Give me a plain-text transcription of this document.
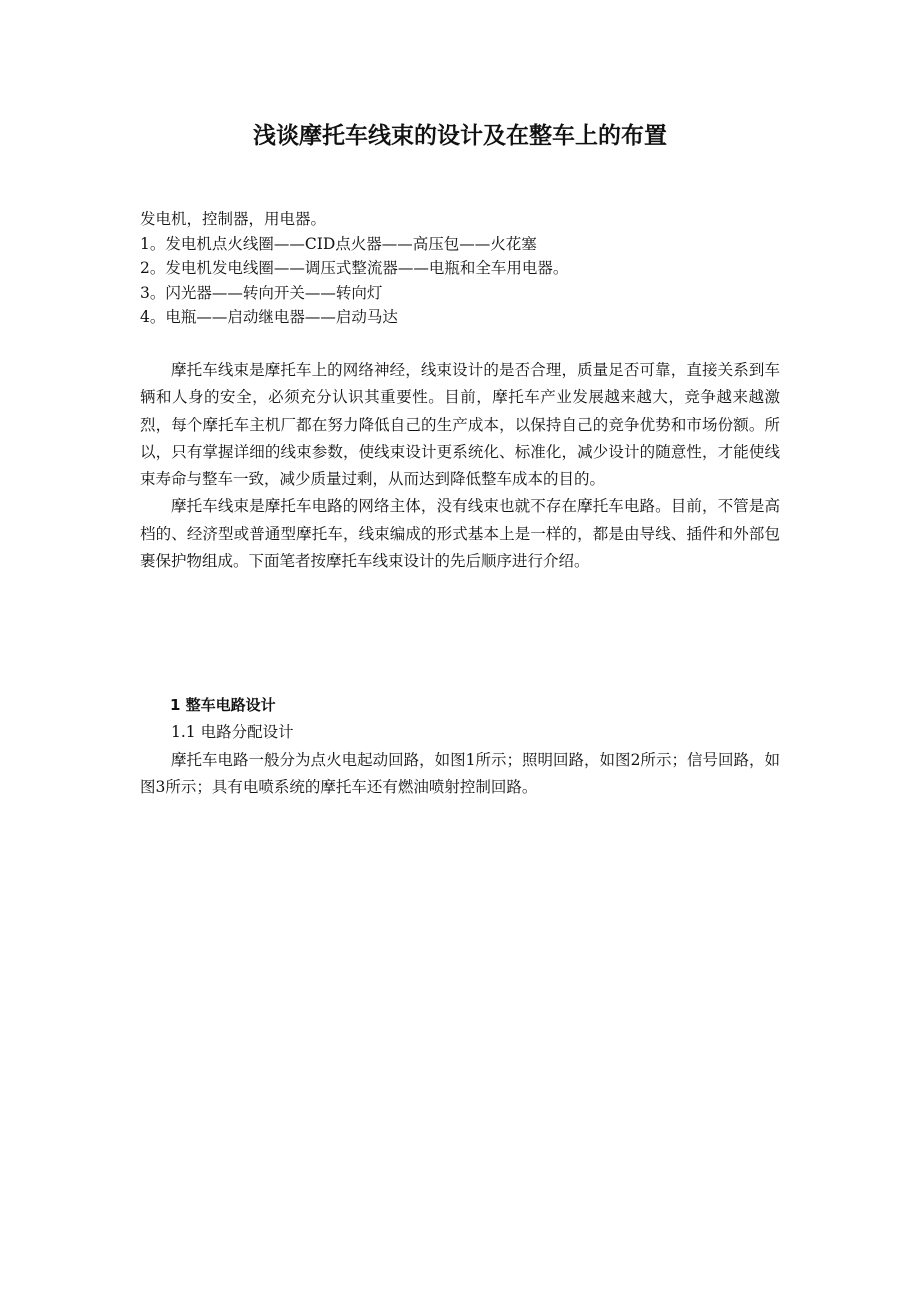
浅谈摩托车线束的设计及在整车上的布置
发电机，控制器，用电器。
1。发电机点火线圈——CID点火器——高压包——火花塞
2。发电机发电线圈——调压式整流器——电瓶和全车用电器。
3。闪光器——转向开关——转向灯
4。电瓶——启动继电器——启动马达

摩托车线束是摩托车上的网络神经，线束设计的是否合理，质量足否可靠，直接关系到车辆和人身的安全，必须充分认识其重要性。目前，摩托车产业发展越来越大，竞争越来越激烈，每个摩托车主机厂都在努力降低自己的生产成本，以保持自己的竞争优势和市场份额。所以，只有掌握详细的线束参数，使线束设计更系统化、标准化，减少设计的随意性，才能使线束寿命与整车一致，减少质量过剩，从而达到降低整车成本的目的。

摩托车线束是摩托车电路的网络主体，没有线束也就不存在摩托车电路。目前，不管是高档的、经济型或普通型摩托车，线束编成的形式基本上是一样的，都是由导线、插件和外部包裹保护物组成。下面笔者按摩托车线束设计的先后顺序进行介绍。

1 整车电路设计

1.1 电路分配设计

摩托车电路一般分为点火电起动回路，如图1所示；照明回路，如图2所示；信号回路，如图3所示；具有电喷系统的摩托车还有燃油喷射控制回路。
